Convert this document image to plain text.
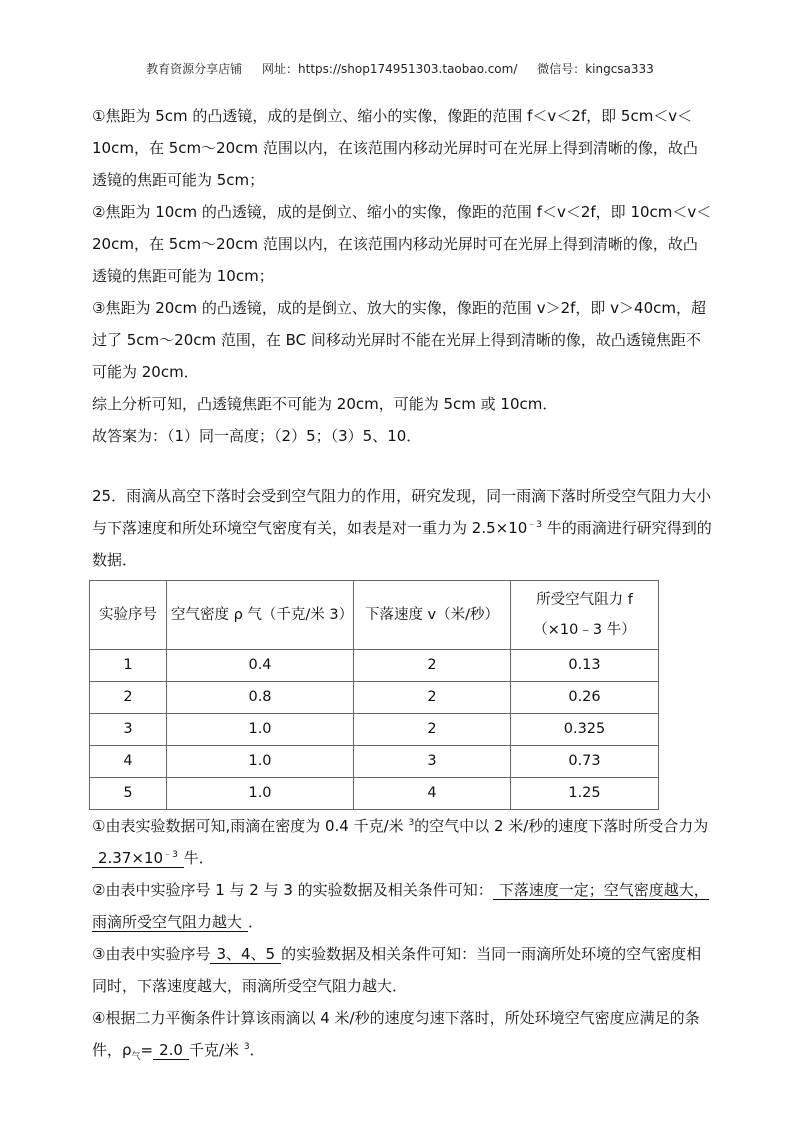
教育资源分享店铺 网址：https://shop174951303.taobao.com/ 微信号：kingcsa333

①焦距为 5cm 的凸透镜，成的是倒立、缩小的实像，像距的范围 f＜v＜2f，即 5cm＜v＜10cm，在 5cm～20cm 范围以内，在该范围内移动光屏时可在光屏上得到清晰的像，故凸透镜的焦距可能为 5cm；

②焦距为 10cm 的凸透镜，成的是倒立、缩小的实像，像距的范围 f＜v＜2f，即 10cm＜v＜20cm，在 5cm～20cm 范围以内，在该范围内移动光屏时可在光屏上得到清晰的像，故凸透镜的焦距可能为 10cm；

③焦距为 20cm 的凸透镜，成的是倒立、放大的实像，像距的范围 v＞2f，即 v＞40cm，超过了 5cm～20cm 范围，在 BC 间移动光屏时不能在光屏上得到清晰的像，故凸透镜焦距不可能为 20cm．

综上分析可知，凸透镜焦距不可能为 20cm，可能为 5cm 或 10cm．

故答案为：（1）同一高度；（2）5；（3）5、10．

25．雨滴从高空下落时会受到空气阻力的作用，研究发现，同一雨滴下落时所受空气阻力大小与下落速度和所处环境空气密度有关，如表是对一重力为 $2.5\times 10^{﹣3}$ 牛的雨滴进行研究得到的数据．

实验序号	空气密度 ρ 气（千克/米 3）	下落速度 v（米/秒）	所受空气阻力 f（×10﹣3 牛）
1	0.4	2	0.13
2	0.8	2	0.26
3	1.0	2	0.325
4	1.0	3	0.73
5	1.0	4	1.25

①由表实验数据可知,雨滴在密度为 0.4 千克/米 $^3$的空气中以 2 米/秒的速度下落时所受合力为$2.37\times 10^{﹣3}$ 牛．

②由表中实验序号 1 与 2 与 3 的实验数据及相关条件可知： 下落速度一定；空气密度越大，雨滴所受空气阻力越大 ．

③由表中实验序号 3、4、5 的实验数据及相关条件可知：当同一雨滴所处环境的空气密度相同时，下落速度越大，雨滴所受空气阻力越大．

④根据二力平衡条件计算该雨滴以 4 米/秒的速度匀速下落时，所处环境空气密度应满足的条件，$\rho_气= 2.0$ 千克/米 $^3$．
